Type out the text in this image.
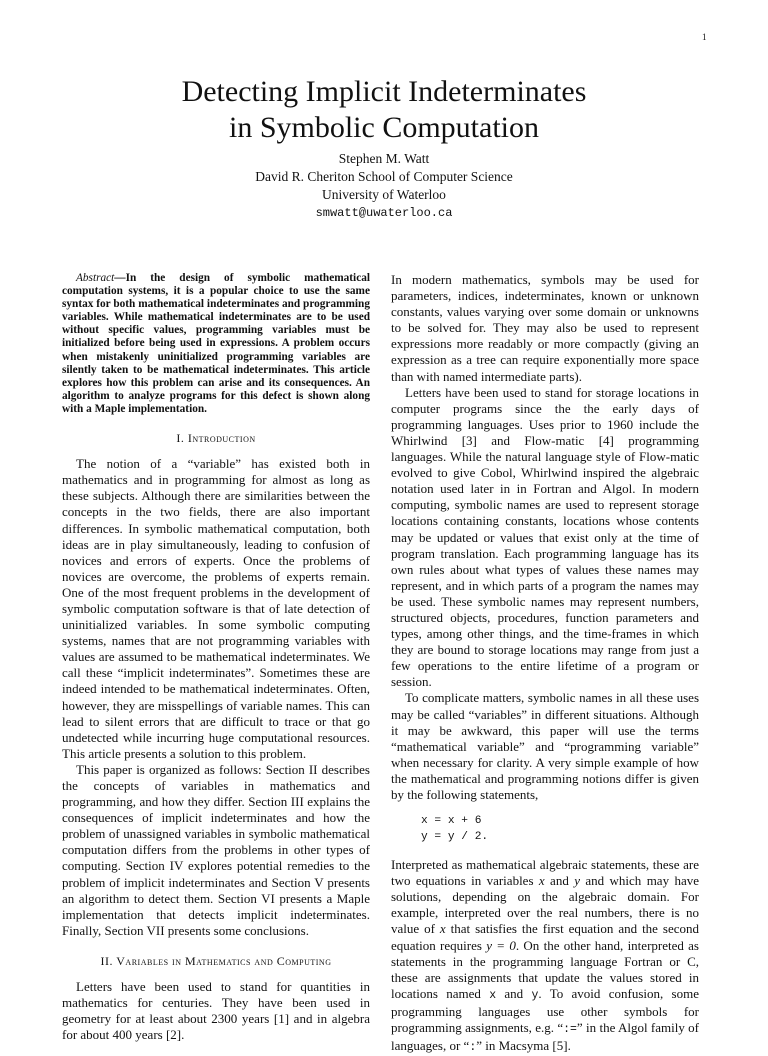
1
Detecting Implicit Indeterminates
in Symbolic Computation
Stephen M. Watt
David R. Cheriton School of Computer Science
University of Waterloo
smwatt@uwaterloo.ca

Abstract—In the design of symbolic mathematical computation systems, it is a popular choice to use the same syntax for both mathematical indeterminates and programming variables. While mathematical indeterminates are to be used without specific values, programming variables must be initialized before being used in expressions. A problem occurs when mistakenly uninitialized programming variables are silently taken to be mathematical indeterminates. This article explores how this problem can arise and its consequences. An algorithm to analyze programs for this defect is shown along with a Maple implementation.

I. Introduction

The notion of a “variable” has existed both in mathematics and in programming for almost as long as these subjects. Although there are similarities between the concepts in the two fields, there are also important differences. In symbolic mathematical computation, both ideas are in play simultaneously, leading to confusion of novices and errors of experts. Once the problems of novices are overcome, the problems of experts remain. One of the most frequent problems in the development of symbolic computation software is that of late detection of uninitialized variables. In some symbolic computing systems, names that are not programming variables with values are assumed to be mathematical indeterminates. We call these “implicit indeterminates”. Sometimes these are indeed intended to be mathematical indeterminates. Often, however, they are misspellings of variable names. This can lead to silent errors that are difficult to trace or that go undetected while incurring huge computational resources. This article presents a solution to this problem.

This paper is organized as follows: Section II describes the concepts of variables in mathematics and programming, and how they differ. Section III explains the consequences of implicit indeterminates and how the problem of unassigned variables in symbolic mathematical computation differs from the problems in other types of computing. Section IV explores potential remedies to the problem of implicit indeterminates and Section V presents an algorithm to detect them. Section VI presents a Maple implementation that detects implicit indeterminates. Finally, Section VII presents some conclusions.

II. Variables in Mathematics and Computing

Letters have been used to stand for quantities in mathematics for centuries. They have been used in geometry for at least about 2300 years [1] and in algebra for about 400 years [2].

In modern mathematics, symbols may be used for parameters, indices, indeterminates, known or unknown constants, values varying over some domain or unknowns to be solved for. They may also be used to represent expressions more readably or more compactly (giving an expression as a tree can require exponentially more space than with named intermediate parts).

Letters have been used to stand for storage locations in computer programs since the the early days of programming languages. Uses prior to 1960 include the Whirlwind [3] and Flow-matic [4] programming languages. While the natural language style of Flow-matic evolved to give Cobol, Whirlwind inspired the algebraic notation used later in in Fortran and Algol. In modern computing, symbolic names are used to represent storage locations containing constants, locations whose contents may be updated or values that exist only at the time of program translation. Each programming language has its own rules about what types of values these names may represent, and in which parts of a program the names may be used. These symbolic names may represent numbers, structured objects, procedures, function parameters and types, among other things, and the time-frames in which they are bound to storage locations may range from just a few operations to the entire lifetime of a program or session.

To complicate matters, symbolic names in all these uses may be called “variables” in different situations. Although it may be awkward, this paper will use the terms “mathematical variable” and “programming variable” when necessary for clarity. A very simple example of how the mathematical and programming notions differ is given by the following statements,

x = x + 6
y = y / 2.

Interpreted as mathematical algebraic statements, these are two equations in variables x and y and which may have solutions, depending on the algebraic domain. For example, interpreted over the real numbers, there is no value of x that satisfies the first equation and the second equation requires y = 0. On the other hand, interpreted as statements in the programming language Fortran or C, these are assignments that update the values stored in locations named x and y. To avoid confusion, some programming languages use other symbols for programming assignments, e.g. “:=” in the Algol family of languages, or “:” in Macsyma [5].
